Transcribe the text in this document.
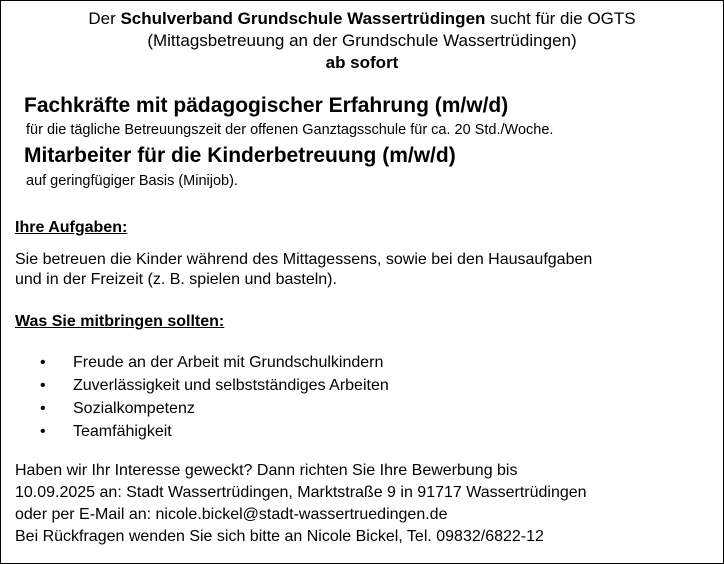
Der Schulverband Grundschule Wassertrüdingen sucht für die OGTS
(Mittagsbetreuung an der Grundschule Wassertrüdingen)
ab sofort
Fachkräfte mit pädagogischer Erfahrung (m/w/d)
für die tägliche Betreuungszeit der offenen Ganztagsschule für ca. 20 Std./Woche.
Mitarbeiter für die Kinderbetreuung (m/w/d)
auf geringfügiger Basis (Minijob).
Ihre Aufgaben:
Sie betreuen die Kinder während des Mittagessens, sowie bei den Hausaufgaben
und in der Freizeit (z. B. spielen und basteln).
Was Sie mitbringen sollten:
• Freude an der Arbeit mit Grundschulkindern
• Zuverlässigkeit und selbstständiges Arbeiten
• Sozialkompetenz
• Teamfähigkeit
Haben wir Ihr Interesse geweckt? Dann richten Sie Ihre Bewerbung bis
10.09.2025 an: Stadt Wassertrüdingen, Marktstraße 9 in 91717 Wassertrüdingen
oder per E-Mail an: nicole.bickel@stadt-wassertruedingen.de
Bei Rückfragen wenden Sie sich bitte an Nicole Bickel, Tel. 09832/6822-12
